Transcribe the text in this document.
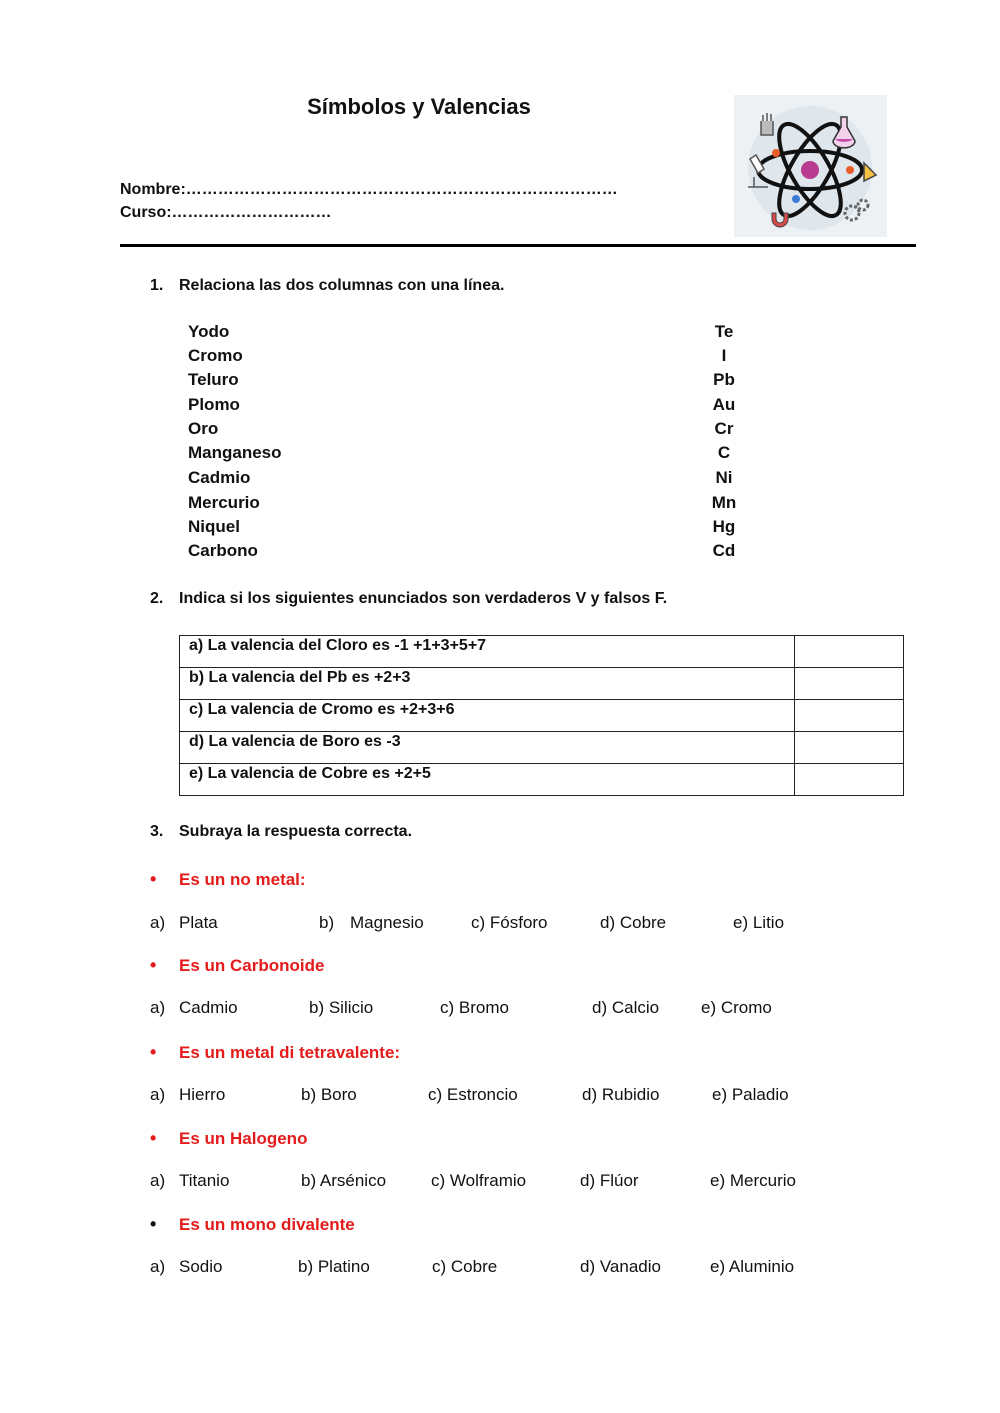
Símbolos y Valencias
Nombre:………………………………………………………………………
Curso:…………………………
1. Relaciona las dos columnas con una línea.
Yodo	Te
Cromo	I
Teluro	Pb
Plomo	Au
Oro	Cr
Manganeso	C
Cadmio	Ni
Mercurio	Mn
Niquel	Hg
Carbono	Cd
2. Indica si los siguientes enunciados son verdaderos V y falsos F.
a) La valencia del Cloro es -1 +1+3+5+7	
b) La valencia del Pb es +2+3	
c) La valencia de Cromo es +2+3+6	
d) La valencia de Boro es -3	
e) La valencia de Cobre es +2+5	
3. Subraya la respuesta correcta.
• Es un no metal:
a) Plata	b) Magnesio	c) Fósforo	d) Cobre	e) Litio
• Es un Carbonoide
a) Cadmio	b) Silicio	c) Bromo	d) Calcio e) Cromo
• Es un metal di tetravalente:
a) Hierro	b) Boro	c) Estroncio	d) Rubidio	e) Paladio
• Es un Halogeno
a) Titanio	b) Arsénico	c) Wolframio	d) Flúor	e) Mercurio
• Es un mono divalente
a) Sodio	b) Platino	c) Cobre	d) Vanadio	e) Aluminio
